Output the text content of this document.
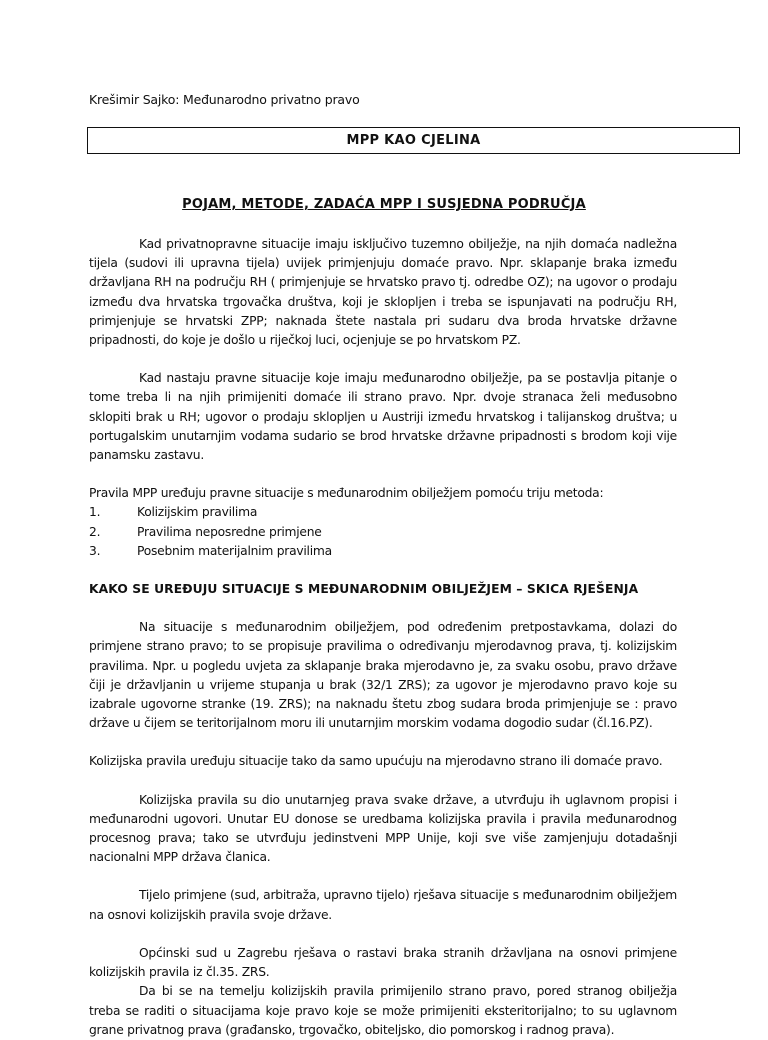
Krešimir Sajko: Međunarodno privatno pravo
MPP KAO CJELINA
POJAM, METODE, ZADAĆA MPP I SUSJEDNA PODRUČJA

Kad privatnopravne situacije imaju isključivo tuzemno obilježje, na njih domaća nadležna tijela (sudovi ili upravna tijela) uvijek primjenjuju domaće pravo. Npr. sklapanje braka između državljana RH na području RH ( primjenjuje se hrvatsko pravo tj. odredbe OZ); na ugovor o prodaju između dva hrvatska trgovačka društva, koji je sklopljen i treba se ispunjavati na području RH, primjenjuje se hrvatski ZPP; naknada štete nastala pri sudaru dva broda hrvatske državne pripadnosti, do koje je došlo u riječkoj luci, ocjenjuje se po hrvatskom PZ.

Kad nastaju pravne situacije koje imaju međunarodno obilježje, pa se postavlja pitanje o tome treba li na njih primijeniti domaće ili strano pravo. Npr. dvoje stranaca želi međusobno sklopiti brak u RH; ugovor o prodaju sklopljen u Austriji između hrvatskog i talijanskog društva; u portugalskim unutarnjim vodama sudario se brod hrvatske državne pripadnosti s brodom koji vije panamsku zastavu.

Pravila MPP uređuju pravne situacije s međunarodnim obilježjem pomoću triju metoda:

1.	Kolizijskim pravilima
2.	Pravilima neposredne primjene
3.	Posebnim materijalnim pravilima
KAKO SE UREĐUJU SITUACIJE S MEĐUNARODNIM OBILJEŽJEM – SKICA RJEŠENJA

Na situacije s međunarodnim obilježjem, pod određenim pretpostavkama, dolazi do primjene strano pravo; to se propisuje pravilima o određivanju mjerodavnog prava, tj. kolizijskim pravilima. Npr. u pogledu uvjeta za sklapanje braka mjerodavno je, za svaku osobu, pravo države čiji je državljanin u vrijeme stupanja u brak (32/1 ZRS); za ugovor je mjerodavno pravo koje su izabrale ugovorne stranke (19. ZRS); na naknadu štetu zbog sudara broda primjenjuje se : pravo države u čijem se teritorijalnom moru ili unutarnjim morskim vodama dogodio sudar (čl.16.PZ).

Kolizijska pravila uređuju situacije tako da samo upućuju na mjerodavno strano ili domaće pravo.

Kolizijska pravila su dio unutarnjeg prava svake države, a utvrđuju ih uglavnom propisi i međunarodni ugovori. Unutar EU donose se uredbama kolizijska pravila i pravila međunarodnog procesnog prava; tako se utvrđuju jedinstveni MPP Unije, koji sve više zamjenjuju dotadašnji nacionalni MPP država članica.

Tijelo primjene (sud, arbitraža, upravno tijelo) rješava situacije s međunarodnim obilježjem na osnovi kolizijskih pravila svoje države.

Općinski sud u Zagrebu rješava o rastavi braka stranih državljana na osnovi primjene kolizijskih pravila iz čl.35. ZRS.

Da bi se na temelju kolizijskih pravila primijenilo strano pravo, pored stranog obilježja treba se raditi o situacijama koje pravo koje se može primijeniti eksteritorijalno; to su uglavnom grane privatnog prava (građansko, trgovačko, obiteljsko, dio pomorskog i radnog prava).
